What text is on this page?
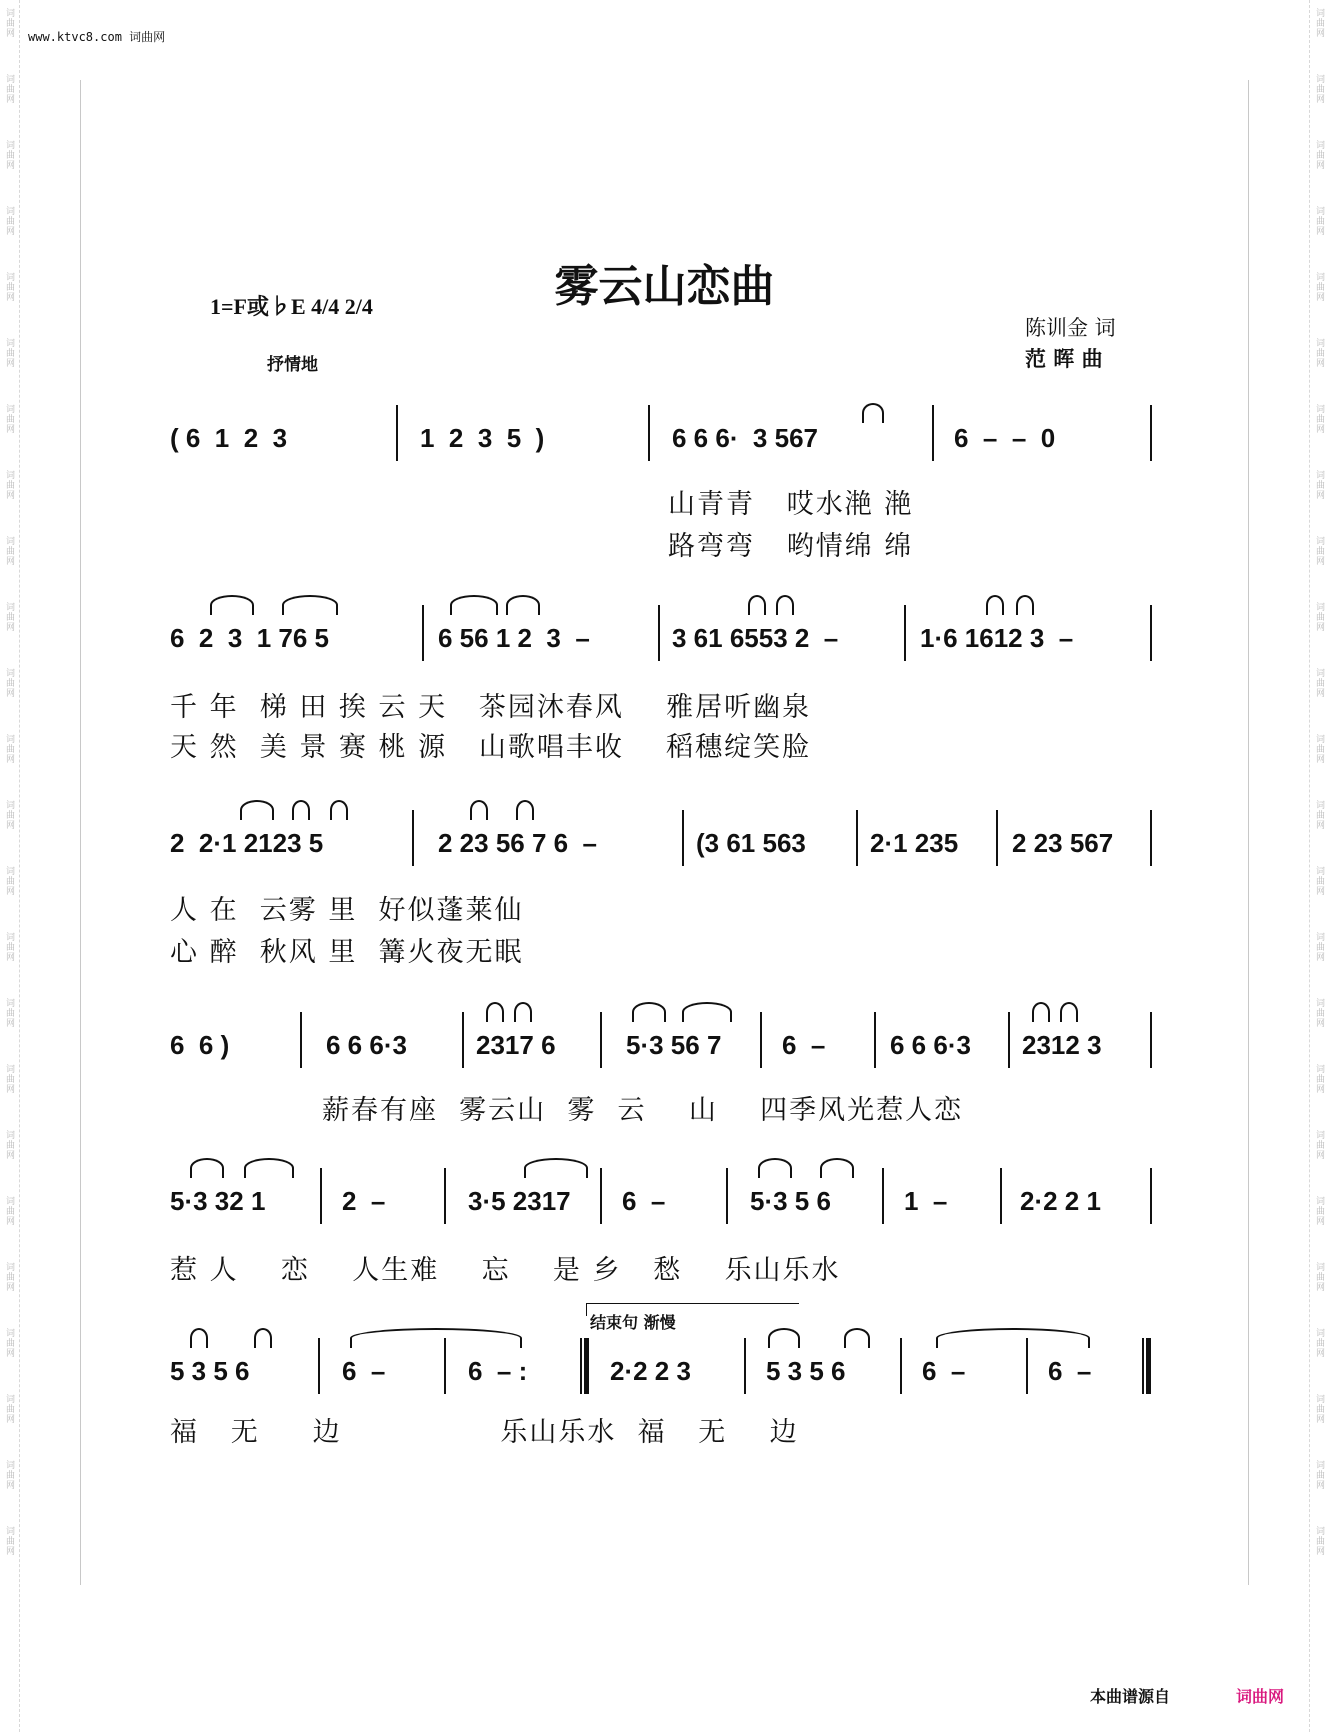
词曲网
词曲网
词曲网
词曲网
词曲网
词曲网
词曲网
词曲网
词曲网
词曲网
词曲网
词曲网
词曲网
词曲网
词曲网
词曲网
词曲网
词曲网
词曲网
词曲网
词曲网
词曲网
词曲网
词曲网
词曲网
词曲网
词曲网
词曲网
词曲网
词曲网
词曲网
词曲网
词曲网
词曲网
词曲网
词曲网
词曲网
词曲网
词曲网
词曲网
词曲网
词曲网
词曲网
词曲网
词曲网
词曲网
词曲网
词曲网
www.ktvc8.com 词曲网
雾云山恋曲
1=F或♭E 4/4 2/4
抒情地
陈训金 词
范 晖 曲
( 6  1  2  3	1  2  3  5  )	6 6 6·  3 567	6  –  –  0
山青青   哎水滟 滟
路弯弯   哟情绵 绵
6  2  3  1 76 5	6 56 1 2  3  –	3 61 6553 2  –	1·6 1612 3  –
千 年  梯 田 挨 云 天   茶园沐春风    雅居听幽泉
天 然  美 景 赛 桃 源   山歌唱丰收    稻穗绽笑脸
2  2·1 2123 5	2 23 56 7 6  –	(3 61 563	2·1 235	2 23 567
人 在  云雾 里  好似蓬莱仙
心 醉  秋风 里  篝火夜无眠
6  6 )	6 6 6·3	2317 6	5·3 56 7	6  –	6 6 6·3	2312 3
薪春有座  雾云山  雾  云    山    四季风光惹人恋
5·3 32 1	2  –	3·5 2317	6  –	5·3 5 6	1  –	2·2 2 1
惹 人    恋    人生难    忘    是 乡   愁    乐山乐水
结束句 渐慢
5 3 5 6	6  –	6  – :	2·2 2 3	5 3 5 6	6  –	6  –
福   无     边               乐山乐水  福   无    边
本曲谱源自	词曲网
